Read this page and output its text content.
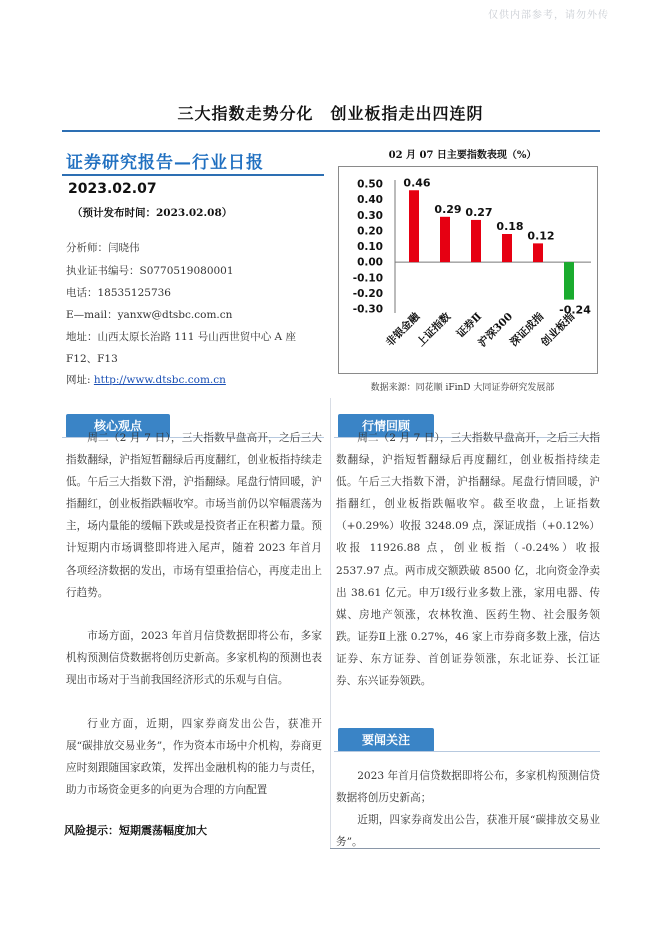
仅供内部参考，请勿外传
三大指数走势分化　创业板指走出四连阴
证券研究报告—行业日报
2023.02.07
（预计发布时间：2023.02.08）
分析师：闫晓伟
执业证书编号：S0770519080001
电话：18535125736
E—mail：yanxw@dtsbc.com.cn
地址：山西太原长治路 111 号山西世贸中心 A 座
F12、F13
网址: http://www.dtsbc.com.cn
02 月 07 日主要指数表现（%）
0.50
0.40
0.30
0.20
0.10
0.00
-0.10
-0.20
-0.30
0.46
非银金融
0.29
上证指数
0.27
证券Ⅱ
0.18
沪深300
0.12
深证成指
-0.24
创业板指
数据来源：同花顺 iFinD 大同证券研究发展部
核心观点
周二（2 月 7 日），三大指数早盘高开，之后三大指数翻绿，沪指短暂翻绿后再度翻红，创业板指持续走低。午后三大指数下滑，沪指翻绿。尾盘行情回暖，沪指翻红，创业板指跌幅收窄。市场当前仍以窄幅震荡为主，场内量能的缓幅下跌或是投资者正在积蓄力量。预计短期内市场调整即将进入尾声，随着 2023 年首月各项经济数据的发出，市场有望重拾信心，再度走出上行趋势。
市场方面，2023 年首月信贷数据即将公布，多家机构预测信贷数据将创历史新高。多家机构的预测也表现出市场对于当前我国经济形式的乐观与自信。
行业方面，近期，四家券商发出公告，获准开展“碳排放交易业务”，作为资本市场中介机构，券商更应时刻跟随国家政策，发挥出金融机构的能力与责任，助力市场资金更多的向更为合理的方向配置
风险提示：短期震荡幅度加大
行情回顾
周二（2 月 7 日），三大指数早盘高开，之后三大指数翻绿，沪指短暂翻绿后再度翻红，创业板指持续走低。午后三大指数下滑，沪指翻绿。尾盘行情回暖，沪指翻红，创业板指跌幅收窄。截至收盘，上证指数（+0.29%）收报 3248.09 点，深证成指（+0.12%）收报 11926.88 点，创业板指（-0.24%）收报 2537.97 点。两市成交额跌破 8500 亿，北向资金净卖出 38.61 亿元。申万Ⅰ级行业多数上涨，家用电器、传媒、房地产领涨，农林牧渔、医药生物、社会服务领跌。证券Ⅱ上涨 0.27%，46 家上市券商多数上涨，信达证券、东方证券、首创证券领涨，东北证券、长江证券、东兴证券领跌。
要闻关注
2023 年首月信贷数据即将公布，多家机构预测信贷数据将创历史新高；
近期，四家券商发出公告，获准开展“碳排放交易业务”。
